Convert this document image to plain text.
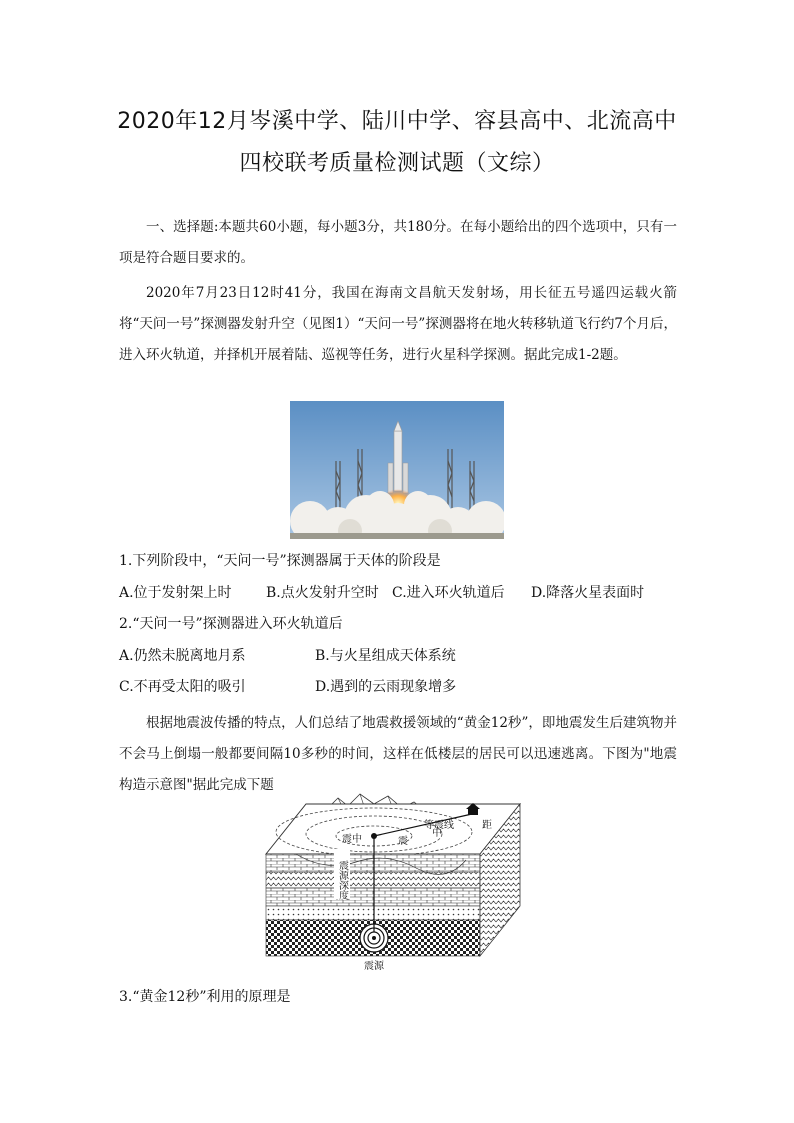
2020年12月岑溪中学、陆川中学、容县高中、北流高中
四校联考质量检测试题（文综）
一、选择题:本题共60小题，每小题3分，共180分。在每小题给出的四个选项中，只有一项是符合题目要求的。
2020年7月23日12时41分，我国在海南文昌航天发射场，用长征五号遥四运载火箭将“天问一号”探测器发射升空（见图1）“天问一号”探测器将在地火转移轨道飞行约7个月后，进入环火轨道，并择机开展着陆、巡视等任务，进行火星科学探测。据此完成1-2题。
1.下列阶段中，“天问一号”探测器属于天体的阶段是
A.位于发射架上时 B.点火发射升空时 C.进入环火轨道后 D.降落火星表面时
2.“天问一号”探测器进入环火轨道后
A.仍然未脱离地月系	B.与火星组成天体系统
C.不再受太阳的吸引	D.遇到的云雨现象增多
根据地震波传播的特点，人们总结了地震救援领域的“黄金12秒”，即地震发生后建筑物并不会马上倒塌一般都要间隔10多秒的时间，这样在低楼层的居民可以迅速逃离。下图为"地震构造示意图"据此完成下题
等震线
震中	震
中
距
震源深度
震源
3.“黄金12秒”利用的原理是
